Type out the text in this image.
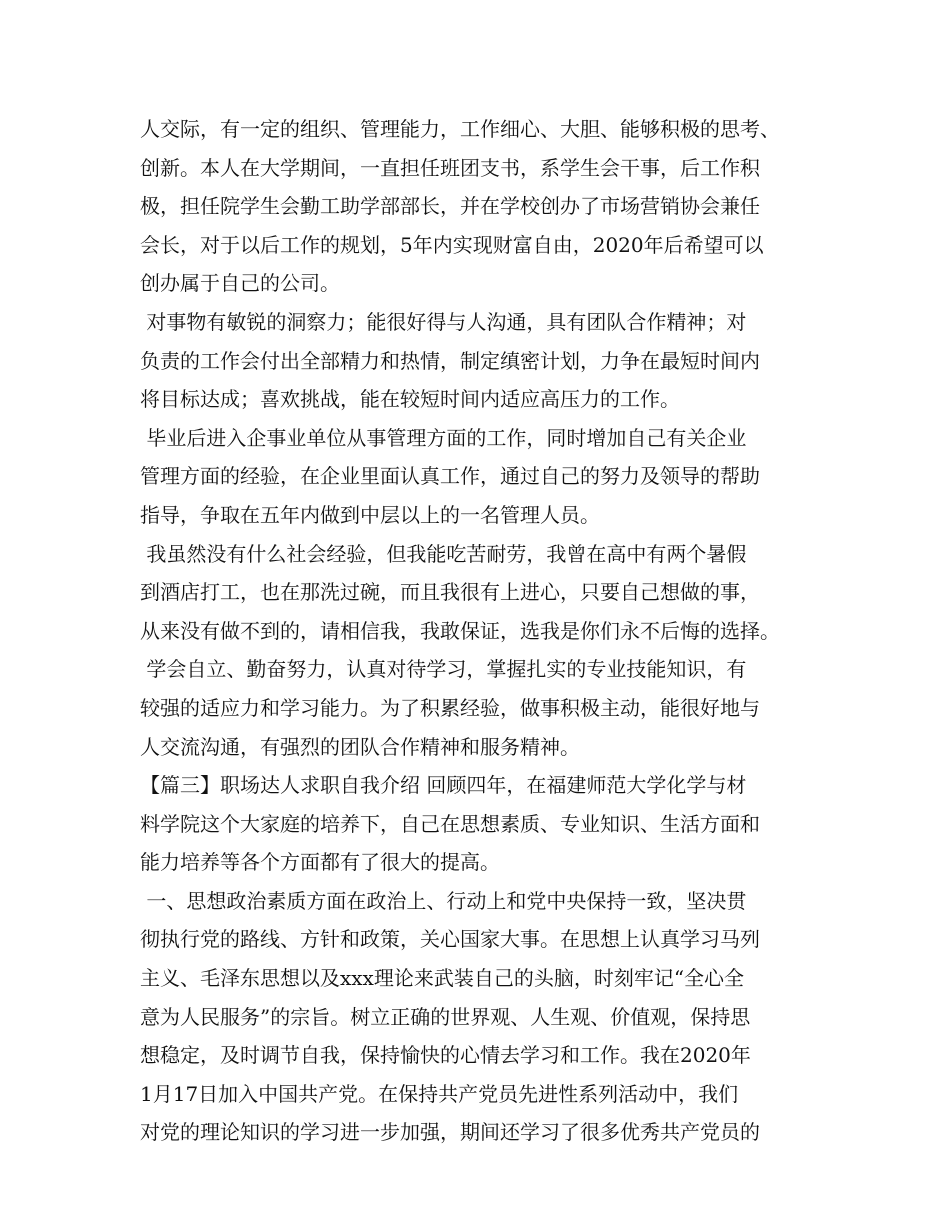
人交际，有一定的组织、管理能力，工作细心、大胆、能够积极的思考、
创新。本人在大学期间，一直担任班团支书，系学生会干事，后工作积
极，担任院学生会勤工助学部部长，并在学校创办了市场营销协会兼任
会长，对于以后工作的规划，5年内实现财富自由，2020年后希望可以
创办属于自己的公司。
对事物有敏锐的洞察力；能很好得与人沟通，具有团队合作精神；对
负责的工作会付出全部精力和热情，制定缜密计划，力争在最短时间内
将目标达成；喜欢挑战，能在较短时间内适应高压力的工作。
毕业后进入企事业单位从事管理方面的工作，同时增加自己有关企业
管理方面的经验，在企业里面认真工作，通过自己的努力及领导的帮助
指导，争取在五年内做到中层以上的一名管理人员。
我虽然没有什么社会经验，但我能吃苦耐劳，我曾在高中有两个暑假
到酒店打工，也在那洗过碗，而且我很有上进心，只要自己想做的事，
从来没有做不到的，请相信我，我敢保证，选我是你们永不后悔的选择。
学会自立、勤奋努力，认真对待学习，掌握扎实的专业技能知识，有
较强的适应力和学习能力。为了积累经验，做事积极主动，能很好地与
人交流沟通，有强烈的团队合作精神和服务精神。
【篇三】职场达人求职自我介绍 回顾四年，在福建师范大学化学与材
料学院这个大家庭的培养下，自己在思想素质、专业知识、生活方面和
能力培养等各个方面都有了很大的提高。
一、思想政治素质方面在政治上、行动上和党中央保持一致，坚决贯
彻执行党的路线、方针和政策，关心国家大事。在思想上认真学习马列
主义、毛泽东思想以及xxx理论来武装自己的头脑，时刻牢记“全心全
意为人民服务”的宗旨。树立正确的世界观、人生观、价值观，保持思
想稳定，及时调节自我，保持愉快的心情去学习和工作。我在2020年
1月17日加入中国共产党。在保持共产党员先进性系列活动中，我们
对党的理论知识的学习进一步加强，期间还学习了很多优秀共产党员的
